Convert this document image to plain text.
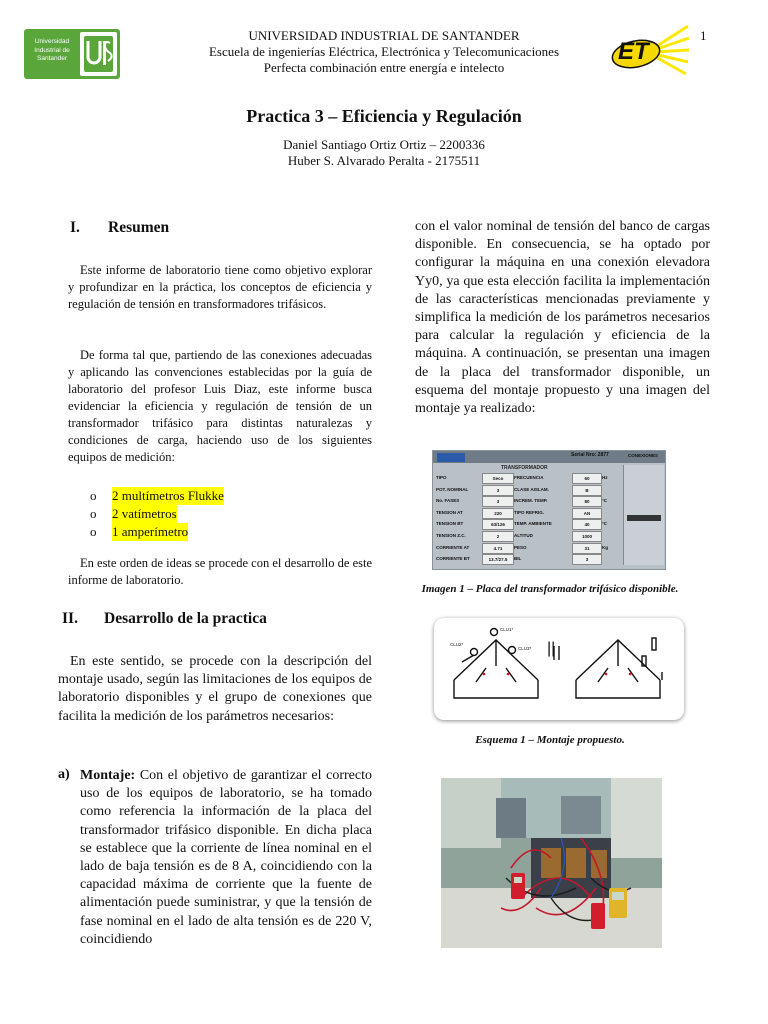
Universidad
Industrial de
Santander
UNIVERSIDAD INDUSTRIAL DE SANTANDER
Escuela de ingenierías Eléctrica, Electrónica y Telecomunicaciones
Perfecta combinación entre energía e intelecto
ET
1
Practica 3 – Eficiencia y Regulación
Daniel Santiago Ortiz Ortiz – 2200336
Huber S. Alvarado Peralta - 2175511
I. Resumen
Este informe de laboratorio tiene como objetivo explorar y profundizar en la práctica, los conceptos de eficiencia y regulación de tensión en transformadores trifásicos.
De forma tal que, partiendo de las conexiones adecuadas y aplicando las convenciones establecidas por la guía de laboratorio del profesor Luis Diaz, este informe busca evidenciar la eficiencia y regulación de tensión de un transformador trifásico para distintas naturalezas y condiciones de carga, haciendo uso de los siguientes equipos de medición:
o	2 multímetros Flukke
o	2 vatímetros
o	1 amperímetro
En este orden de ideas se procede con el desarrollo de este informe de laboratorio.
II. Desarrollo de la practica
En este sentido, se procede con la descripción del montaje usado, según las limitaciones de los equipos de laboratorio disponibles y el grupo de conexiones que facilita la medición de los parámetros necesarios:
a) Montaje: Con el objetivo de garantizar el correcto uso de los equipos de laboratorio, se ha tomado como referencia la información de la placa del transformador trifásico disponible. En dicha placa se establece que la corriente de línea nominal en el lado de baja tensión es de 8 A, coincidiendo con la capacidad máxima de corriente que la fuente de alimentación puede suministrar, y que la tensión de fase nominal en el lado de alta tensión es de 220 V, coincidiendo
con el valor nominal de tensión del banco de cargas disponible. En consecuencia, se ha optado por configurar la máquina en una conexión elevadora Yy0, ya que esta elección facilita la implementación de las características mencionadas previamente y simplifica la medición de los parámetros necesarios para calcular la regulación y eficiencia de la máquina. A continuación, se presentan una imagen de la placa del transformador disponible, un esquema del montaje propuesto y una imagen del montaje ya realizado:
Serial Nro: 2877
TRANSFORMADOR
CONEXIONES
TIPO	Seco	FRECUENCIA	60	Hz
POT. NOMINAL	3	CLASE AISLAM.	B
No. FASES	3	INCREM. TEMP.	80	°C
TENSION AT	220	TIPO REFRIG.	AN
TENSION BT	63/126	TEMP. AMBIENTE	40	°C
TENSION Z.C.	2	ALTITUD	1000
CORRIENTE AT	4.71	PESO	31	Kg
CORRIENTE BT	13.7/27.5	BIL	3
Imagen 1 – Placa del transformador trifásico disponible.
CLU1*
CLU2*
CLU3* ||
Esquema 1 – Montaje propuesto.
